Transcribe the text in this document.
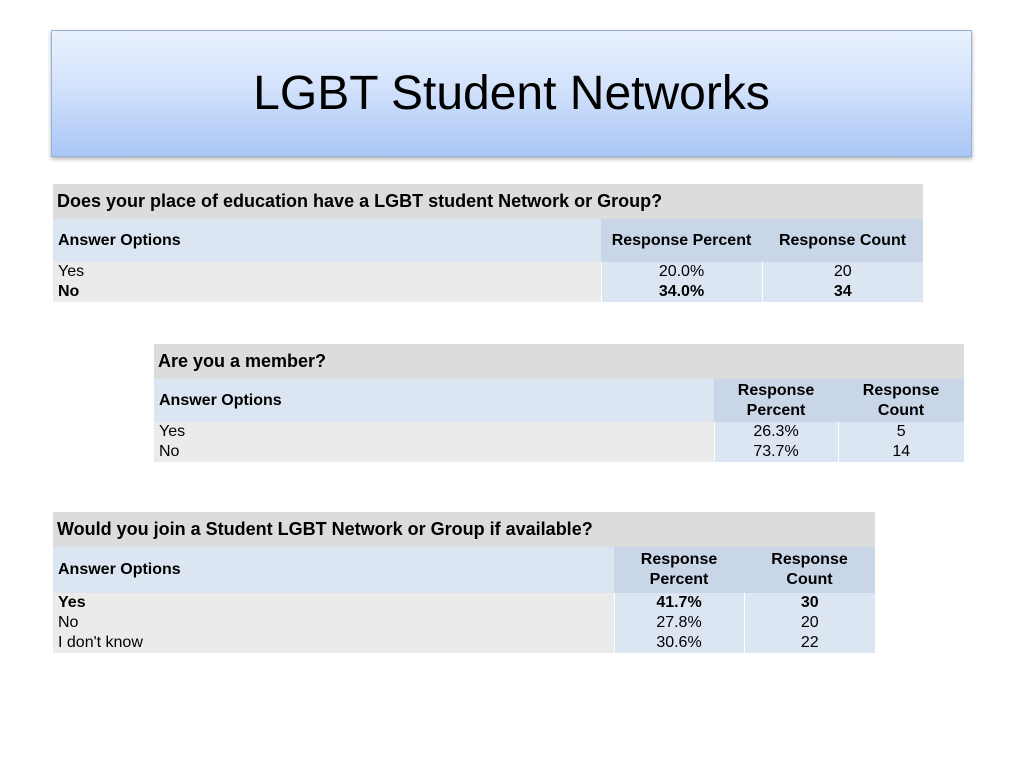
LGBT Student Networks
Does your place of education have a LGBT student Network or Group?		
Answer Options	Response Percent	Response Count
Yes	20.0%	20
No	34.0%	34
Are you a member?		
Answer Options	Response Percent	Response Count
Yes	26.3%	5
No	73.7%	14
Would you join a Student LGBT Network or Group if available?		
Answer Options	Response Percent	Response Count
Yes	41.7%	30
No	27.8%	20
I don't know	30.6%	22
